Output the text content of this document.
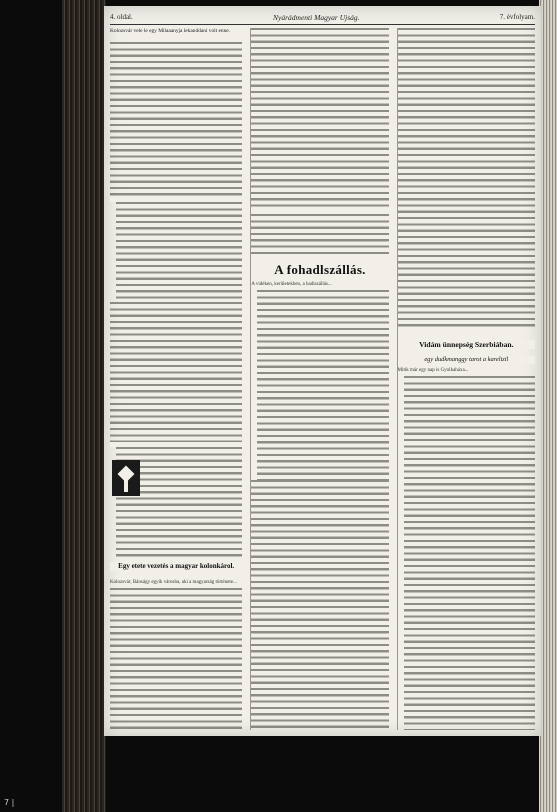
4. oldal.	Nyárádmenti Magyar Ujság.	7. évfolyam.
Kolozsvár vele le egy Milaaanyja lekanddani volt enne.
Egy etete vezetés a magyar kolonkárol.
Kolozsvár, Bánságy egyik városba, aki a magyarság története...
A fohadlszállás.
A vidéken, kerületekben, a hadiszállás...
Vidám ünnepség Szerbiában.
egy dudkmanggy tarot a karelizil
Mitik már egy nap is Gyolkaháxa...
7 |
